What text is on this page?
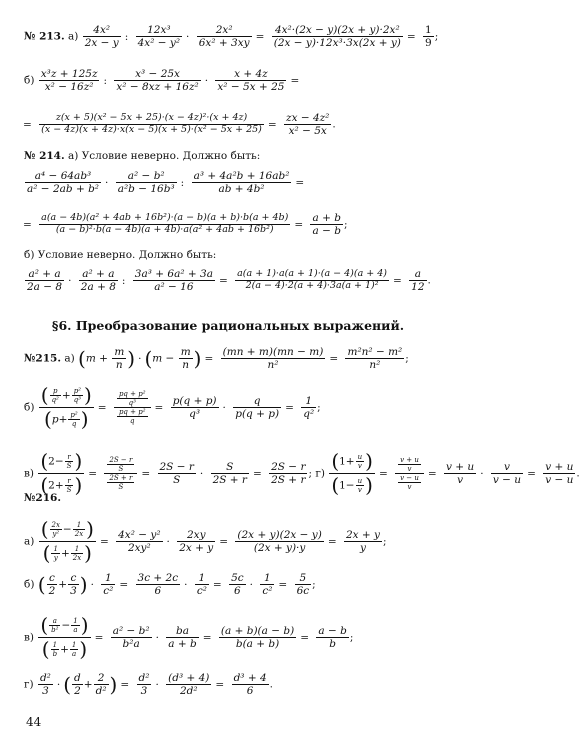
№ 213. $а) \frac{\text{4x²}}{2x - y}$ : $\frac{\text{12x³}}{\text{4x² − y²}} \cdot \frac{\text{2x²}}{\text{6x² + 3xy}} = \frac{\text{4x²·(2x − y)(2x + y)·2x²}}{\text{(2x − y)·12x³·3x(2x + y)}} = \frac{1}{9}$ ;
$б) \frac{\text{x³z + 125z}}{\text{x² − 16z²}}$ : $\frac{\text{x³ − 25x}}{\text{x² − 8xz + 16z²}} \cdot \frac{x + 4z}{\text{x² − 5x + 25}}$ =
= $\frac{\text{z(x + 5)(x² − 5x + 25)·(x − 4z)²·(x + 4z)}}{\text{(x − 4z)(x + 4z)·x(x − 5)(x + 5)·(x² − 5x + 25)}} = \frac{\text{zx − 4z²}}{\text{x² − 5x}}$ .
№ 214. а) Условие неверно. Должно быть:
$\frac{\text{a⁴ − 64ab³}}{\text{a² − 2ab + b²}} \cdot \frac{\text{a² − b²}}{\text{a²b − 16b³}}$ : $\frac{\text{a³ + 4a²b + 16ab²}}{\text{ab + 4b²}}$ =
= $\frac{\text{a(a − 4b)(a² + 4ab + 16b²)·(a − b)(a + b)·b(a + 4b)}}{\text{(a − b)²·b(a − 4b)(a + 4b)·a(a² + 4ab + 16b²)}} = \frac{a + b}{a - b}$ ;
б) Условие неверно. Должно быть:
$\frac{\text{a² + a}}{2a - 8} \cdot \frac{\text{a² + a}}{2a + 8}$ : $\frac{\text{3a³ + 6a² + 3a}}{\text{a² − 16}} = \frac{a(a + 1)\cdot a(a + 1)\cdot(a - 4)(a + 4)}{\text{2(a − 4)·2(a + 4)·3a(a + 1)²}} = \frac{a}{12}$ .
§6. Преобразование рациональных выражений.
№215. а) ($m + \frac{m}{n}$ ) · ($m - \frac{m}{n}$ ) = $\frac{(mn + m)(mn - m)}{\text{n²}} = \frac{\text{m²n² − m²}}{\text{n²}}$ ;
$б) \frac{( \frac{p}{\text{q²}} + \frac{\text{p²}}{\text{q³}} )}{(p+ \frac{\text{p²}}{q} )} = \frac{\frac{\text{pq + p²}}{\text{q³}}}{\frac{\text{pq + p²}}{q}} = \frac{p(q + p)}{\text{q³}} \cdot \frac{q}{p(q + p)} = \frac{1}{\text{q²}}$ ;
$в) \frac{(2- \frac{r}{S} )}{(2+ \frac{r}{S} )} = \frac{\frac{2S - r}{S}}{\frac{2S + r}{S}} = \frac{2S - r}{S} \cdot \frac{S}{2S + r} = \frac{2S - r}{2S + r}$ ; $г) \frac{(1+ \frac{u}{v} )}{(1- \frac{u}{v} )} = \frac{\frac{v + u}{v}}{\frac{v - u}{v}} = \frac{v + u}{v} \cdot \frac{v}{v - u} = \frac{v + u}{v - u}$ .
№216.
$а) \frac{( \frac{2x}{\text{y²}} - \frac{1}{2x} )}{( \frac{1}{y} + \frac{1}{2x} )} = \frac{\text{4x² − y²}}{\text{2xy²}} \cdot \frac{2xy}{2x + y} = \frac{(2x + y)(2x - y)}{(2x + y)\cdot y} = \frac{2x + y}{y}$ ;
б) ( $\frac{c}{2} + \frac{c}{3}$ ) · $\frac{1}{\text{c²}} = \frac{3c + 2c}{6} \cdot \frac{1}{\text{c²}} = \frac{5c}{6} \cdot \frac{1}{\text{c²}} = \frac{5}{6c}$ ;
$в) \frac{( \frac{a}{\text{b²}} - \frac{1}{a} )}{( \frac{1}{b} + \frac{1}{a} )} = \frac{\text{a² − b²}}{\text{b²a}} \cdot \frac{ba}{a + b} = \frac{(a + b)(a - b)}{b(a + b)} = \frac{a - b}{b}$ ;
$г) \frac{\text{d²}}{3}$ · ( $\frac{d}{2} + \frac{2}{\text{d²}}$ ) = $\frac{\text{d²}}{3} \cdot \frac{\text{(d³ + 4)}}{\text{2d²}} = \frac{\text{d³ + 4}}{6}$ .
44
